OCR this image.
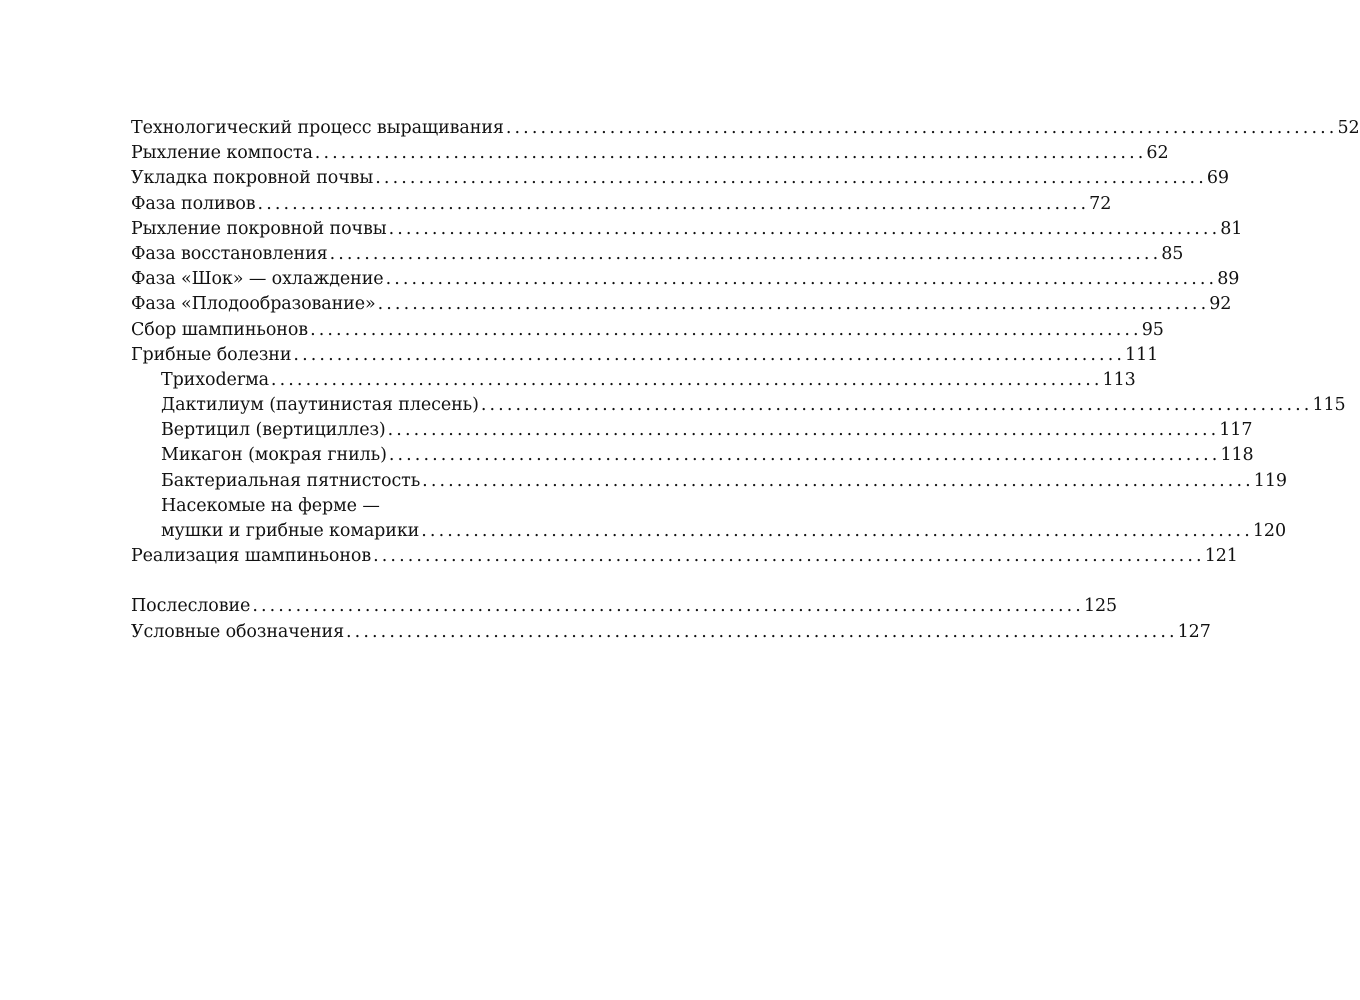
Технологический процесс выращивания ................................................................................................ 52
Рыхление компоста ................................................................................................ 62
Укладка покровной почвы ................................................................................................ 69
Фаза поливов ................................................................................................ 72
Рыхление покровной почвы ................................................................................................ 81
Фаза восстановления ................................................................................................ 85
Фаза «Шок» — охлаждение ................................................................................................ 89
Фаза «Плодообразование» ................................................................................................ 92
Сбор шампиньонов ................................................................................................ 95
Грибные болезни ................................................................................................ 111
Трихоderма ................................................................................................ 113
Дактилиум (паутинистая плесень) ................................................................................................ 115
Вертицил (вертициллез) ................................................................................................ 117
Микагон (мокрая гниль) ................................................................................................ 118
Бактериальная пятнистость ................................................................................................ 119
Насекомые на ферме —
мушки и грибные комарики ................................................................................................ 120
Реализация шампиньонов ................................................................................................ 121
Послесловие ................................................................................................ 125
Условные обозначения ................................................................................................ 127
